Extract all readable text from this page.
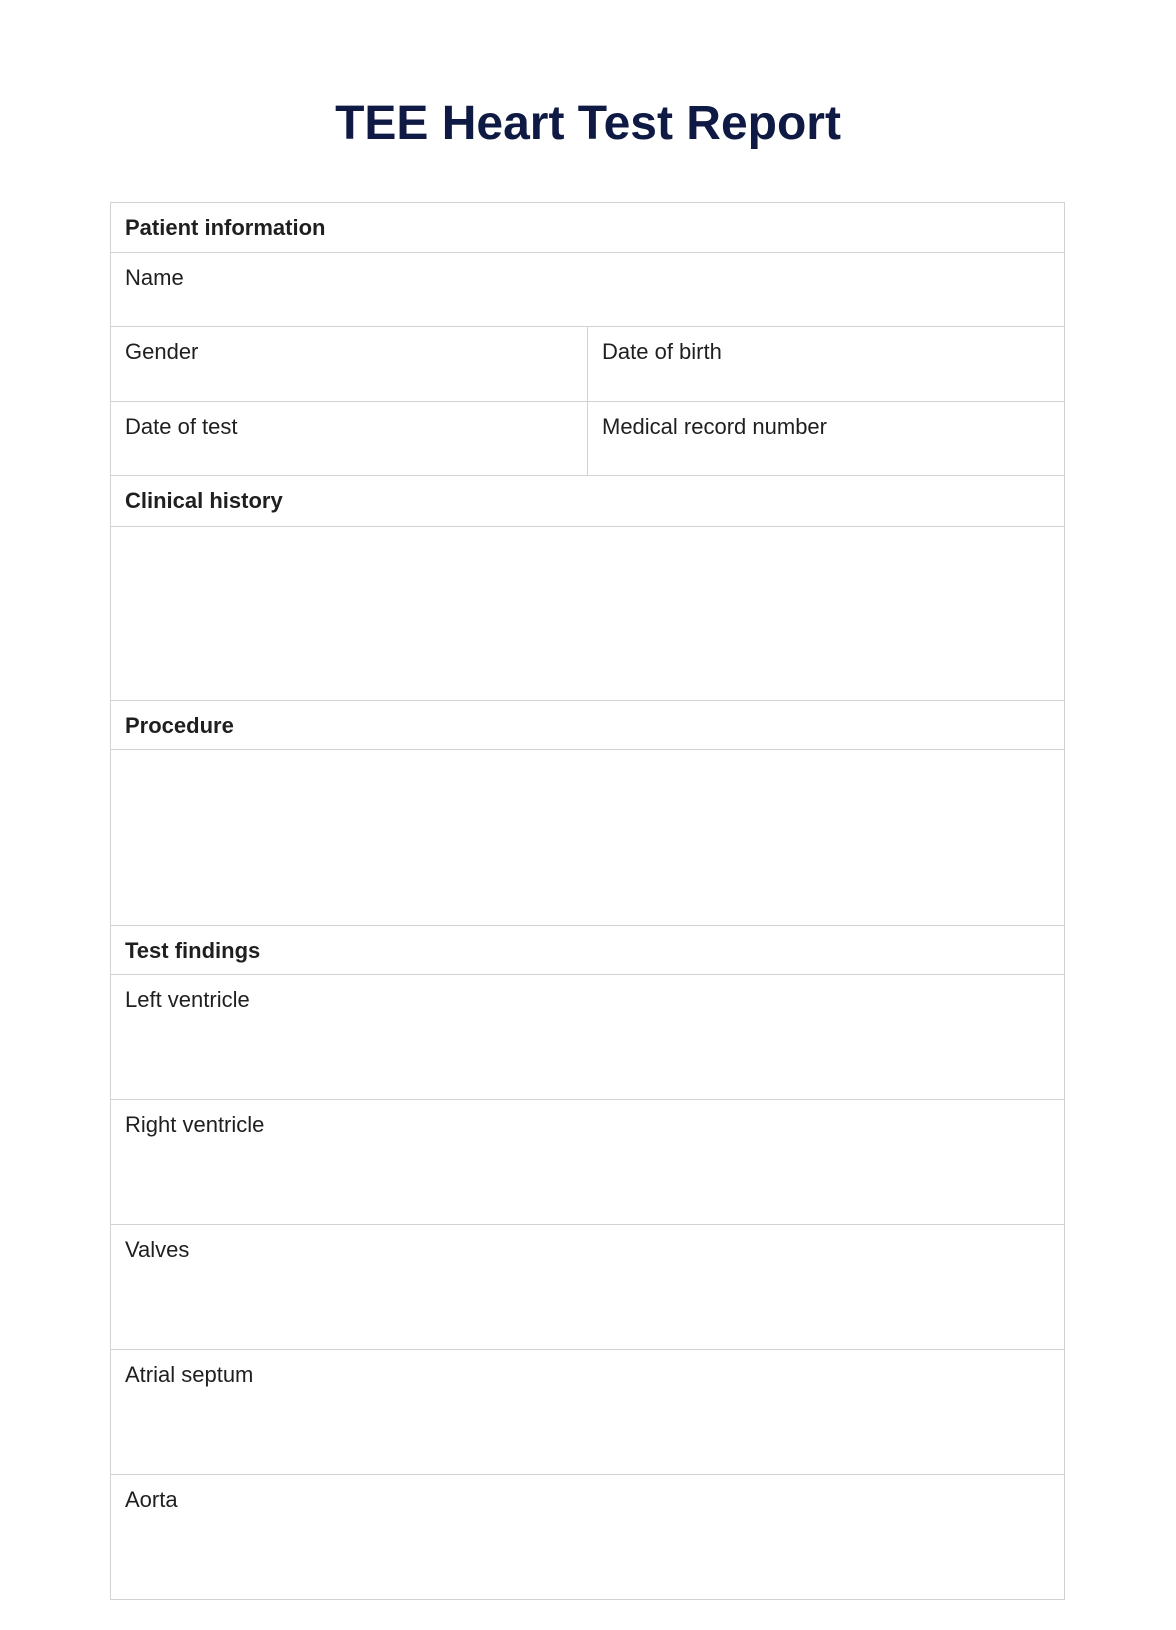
TEE Heart Test Report
Patient information
Name
Gender	Date of birth
Date of test	Medical record number
Clinical history
Procedure
Test findings
Left ventricle
Right ventricle
Valves
Atrial septum
Aorta
